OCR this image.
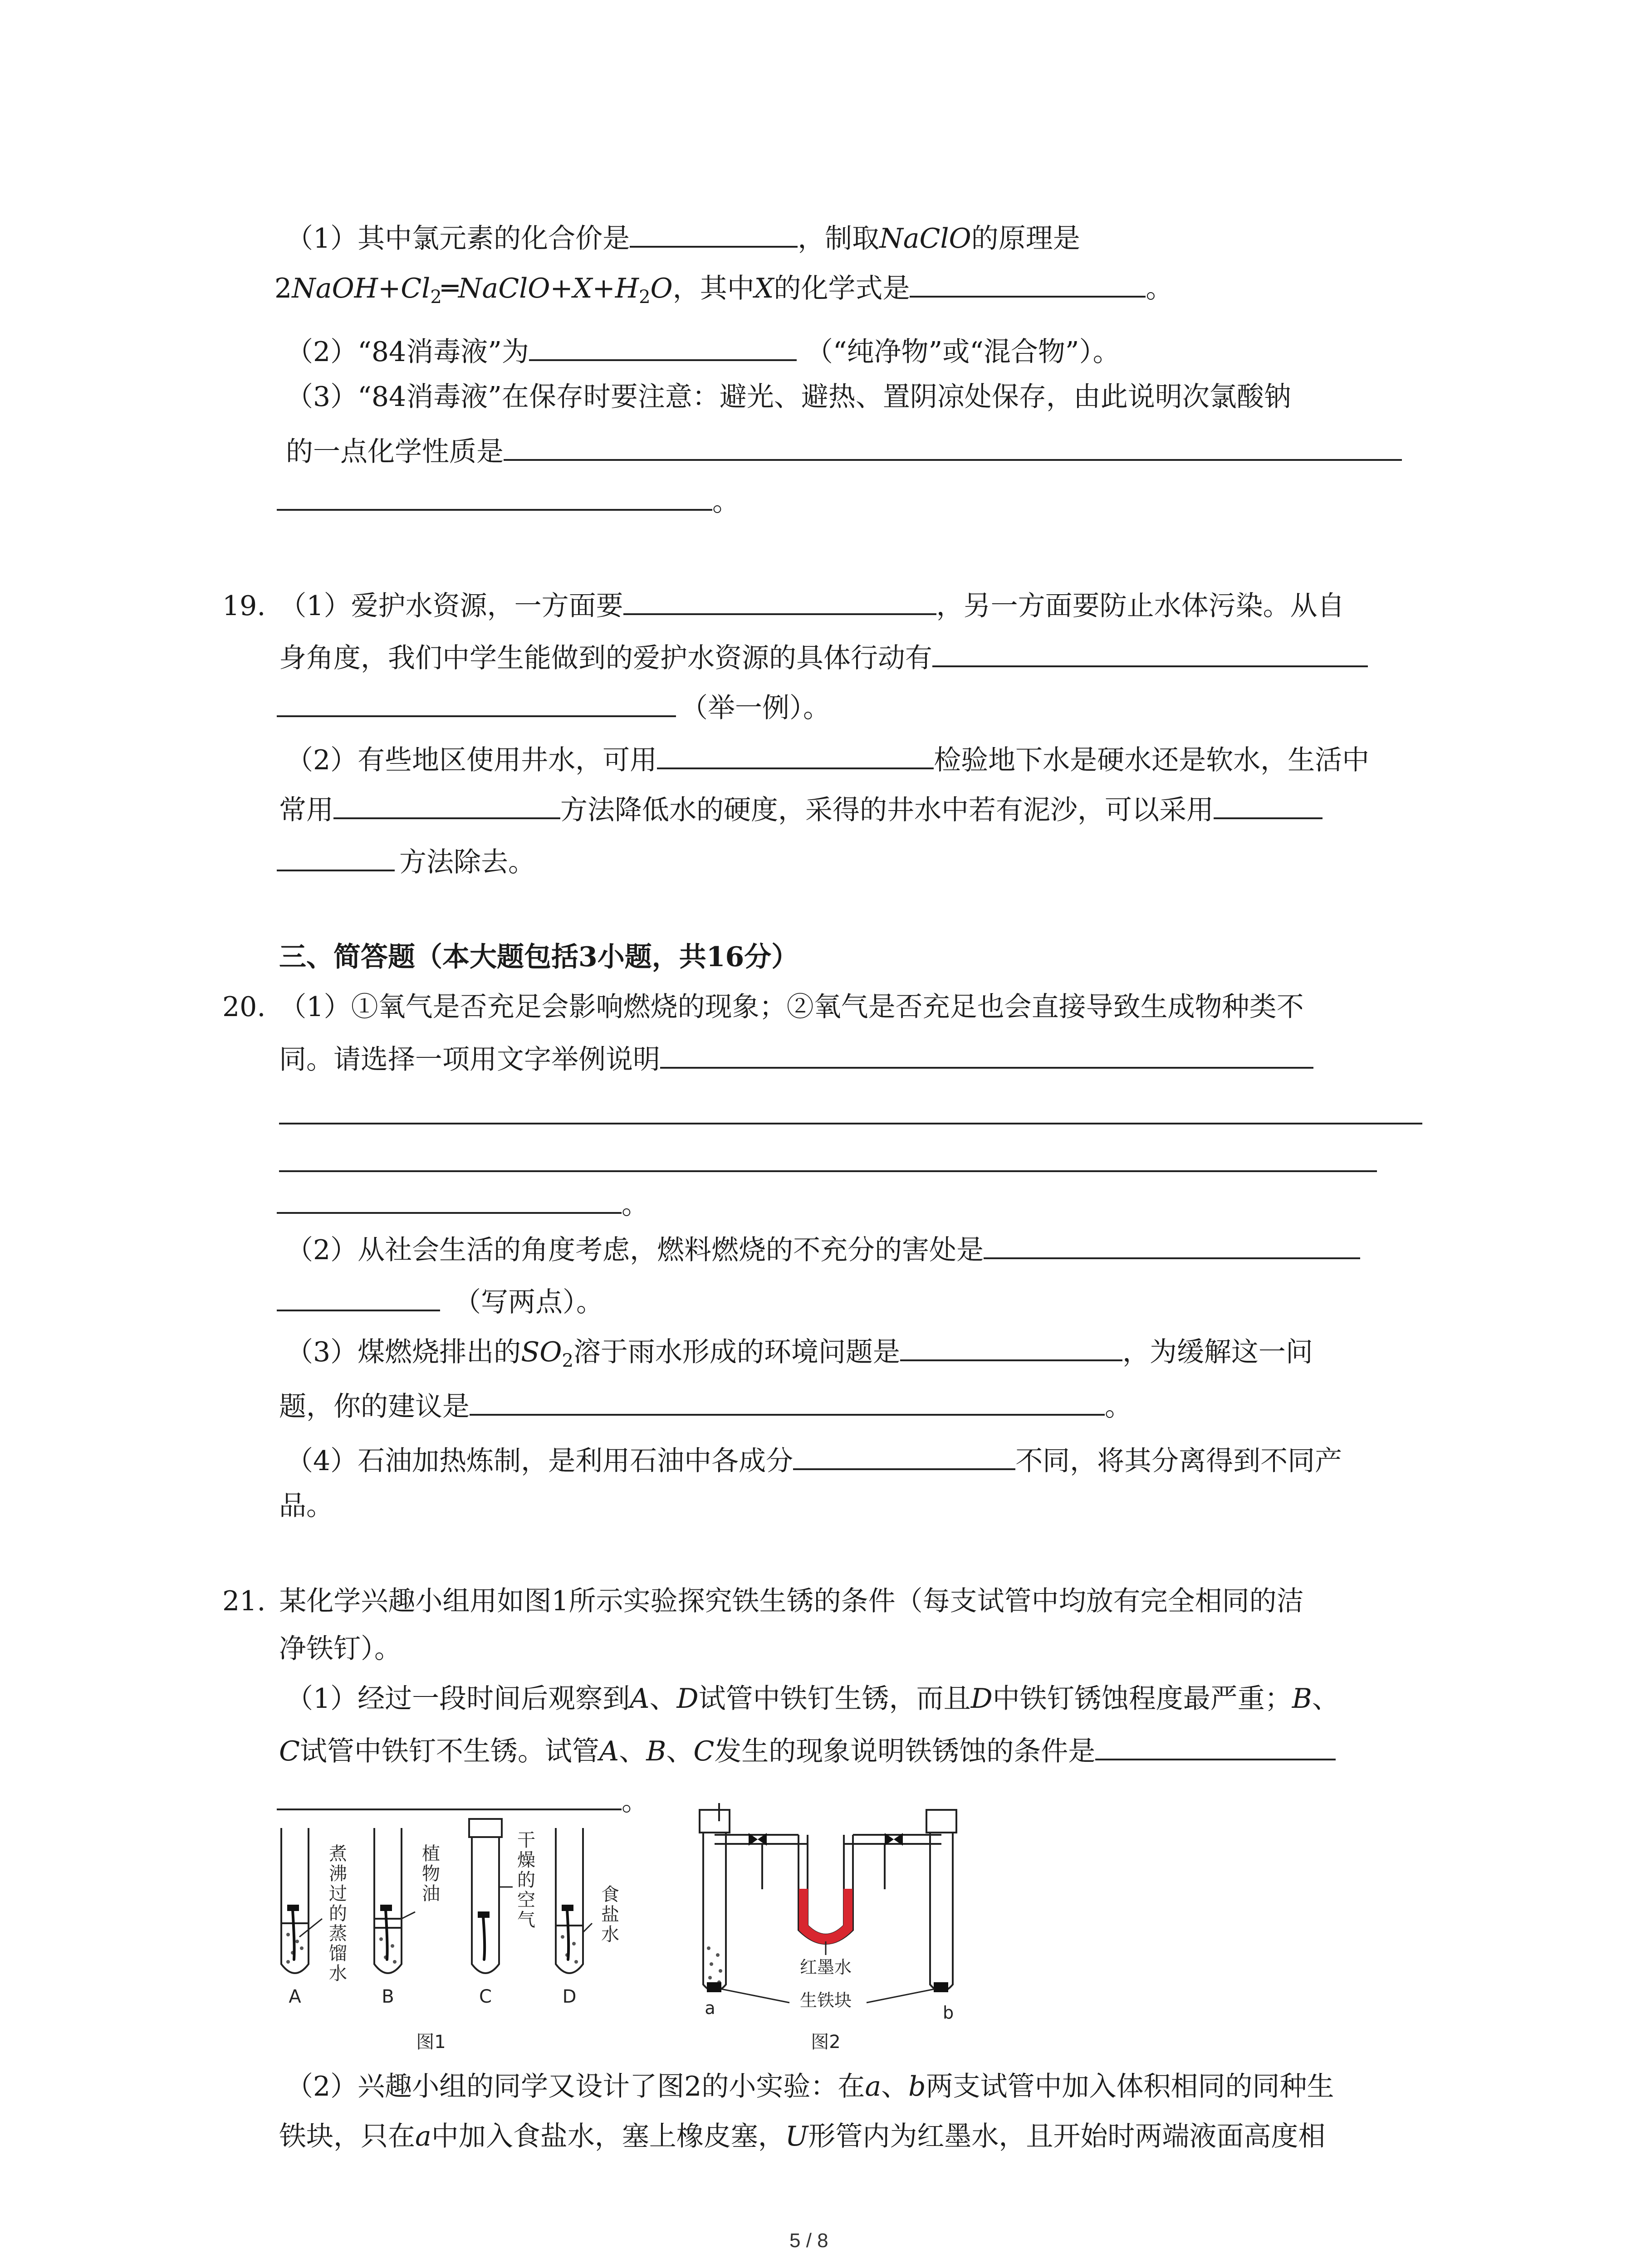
（1）其中氯元素的化合价是	，制取NaClO的原理是
$2NaOH+Cl_2═NaClO+X+H_2O$，其中X的化学式是	。
（2）“84消毒液”为	（“纯净物”或“混合物”）。
（3）“84消毒液”在保存时要注意：避光、避热、置阴凉处保存，由此说明次氯酸钠
的一点化学性质是
。
19. （1）爱护水资源，一方面要	，另一方面要防止水体污染。从自
身角度，我们中学生能做到的爱护水资源的具体行动有
（举一例）。
（2）有些地区使用井水，可用	检验地下水是硬水还是软水，生活中
常用	方法降低水的硬度，采得的井水中若有泥沙，可以采用
方法除去。
三、简答题（本大题包括3小题，共16分）
20. （1）①氧气是否充足会影响燃烧的现象；②氧气是否充足也会直接导致生成物种类不
同。请选择一项用文字举例说明
。
（2）从社会生活的角度考虑，燃料燃烧的不充分的害处是
（写两点）。
（3）煤燃烧排出的$SO_2$溶于雨水形成的环境问题是	，为缓解这一问
题，你的建议是	。
（4）石油加热炼制，是利用石油中各成分	不同，将其分离得到不同产
品。
21. 某化学兴趣小组用如图1所示实验探究铁生锈的条件（每支试管中均放有完全相同的洁
净铁钉）。
（1）经过一段时间后观察到A、D试管中铁钉生锈，而且D中铁钉锈蚀程度最严重；B、
C试管中铁钉不生锈。试管A、B、C发生的现象说明铁锈蚀的条件是
。
煮沸过的蒸馏水
植物油
干燥的空气
食盐水
A	B	C	D
图1
红墨水
生铁块
a	b
图2
（2）兴趣小组的同学又设计了图2的小实验：在a、b两支试管中加入体积相同的同种生
铁块，只在a中加入食盐水，塞上橡皮塞，U形管内为红墨水，且开始时两端液面高度相
5 / 8
